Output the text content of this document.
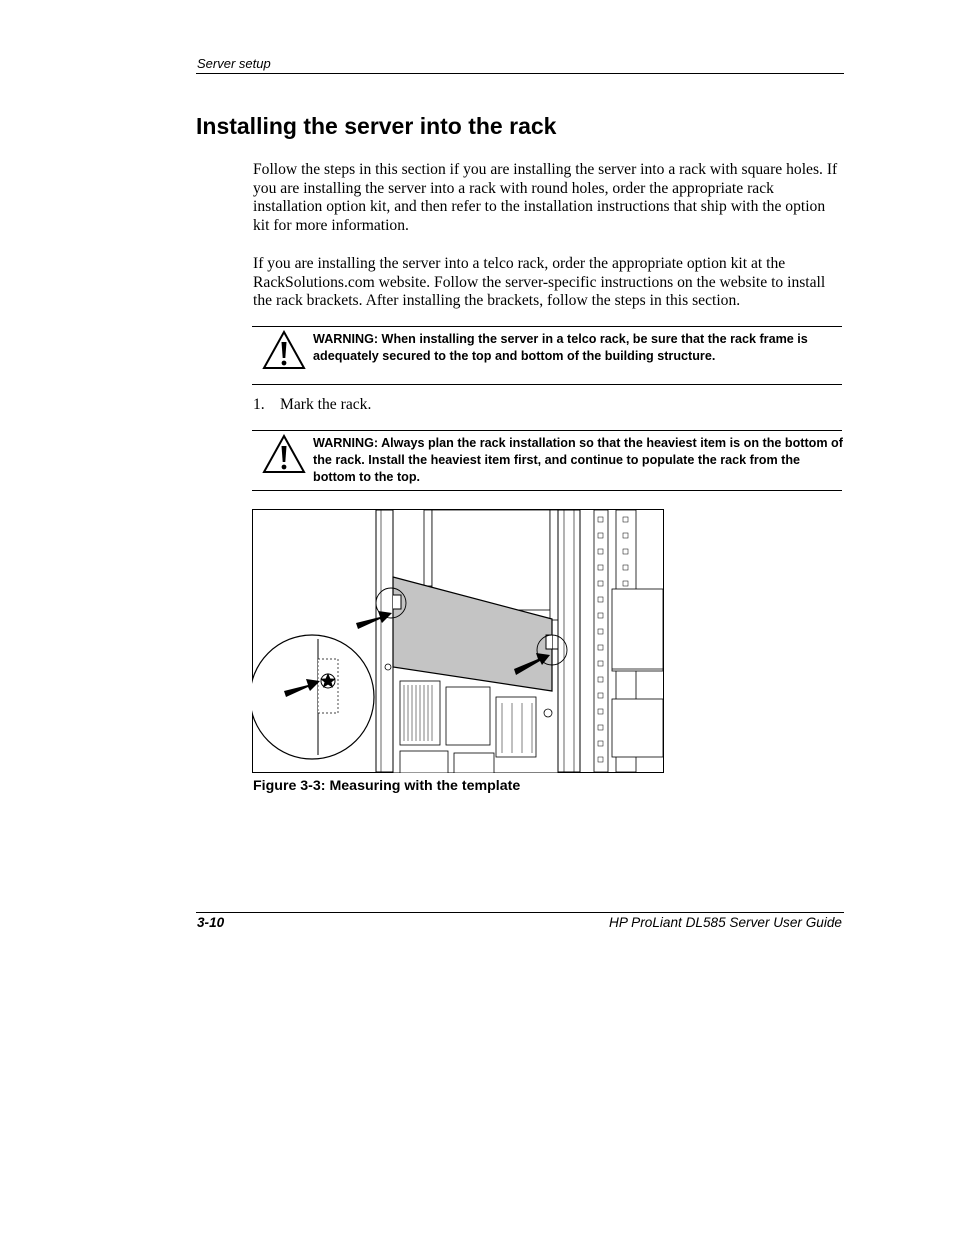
Server setup
Installing the server into the rack

Follow the steps in this section if you are installing the server into a rack with square holes. If you are installing the server into a rack with round holes, order the appropriate rack installation option kit, and then refer to the installation instructions that ship with the option kit for more information.

If you are installing the server into a telco rack, order the appropriate option kit at the RackSolutions.com website. Follow the server-specific instructions on the website to install the rack brackets. After installing the brackets, follow the steps in this section.

WARNING: When installing the server in a telco rack, be sure that the rack frame is adequately secured to the top and bottom of the building structure.

1. Mark the rack.

WARNING: Always plan the rack installation so that the heaviest item is on the bottom of the rack. Install the heaviest item first, and continue to populate the rack from the bottom to the top.

Figure 3-3: Measuring with the template
3-10	HP ProLiant DL585 Server User Guide
